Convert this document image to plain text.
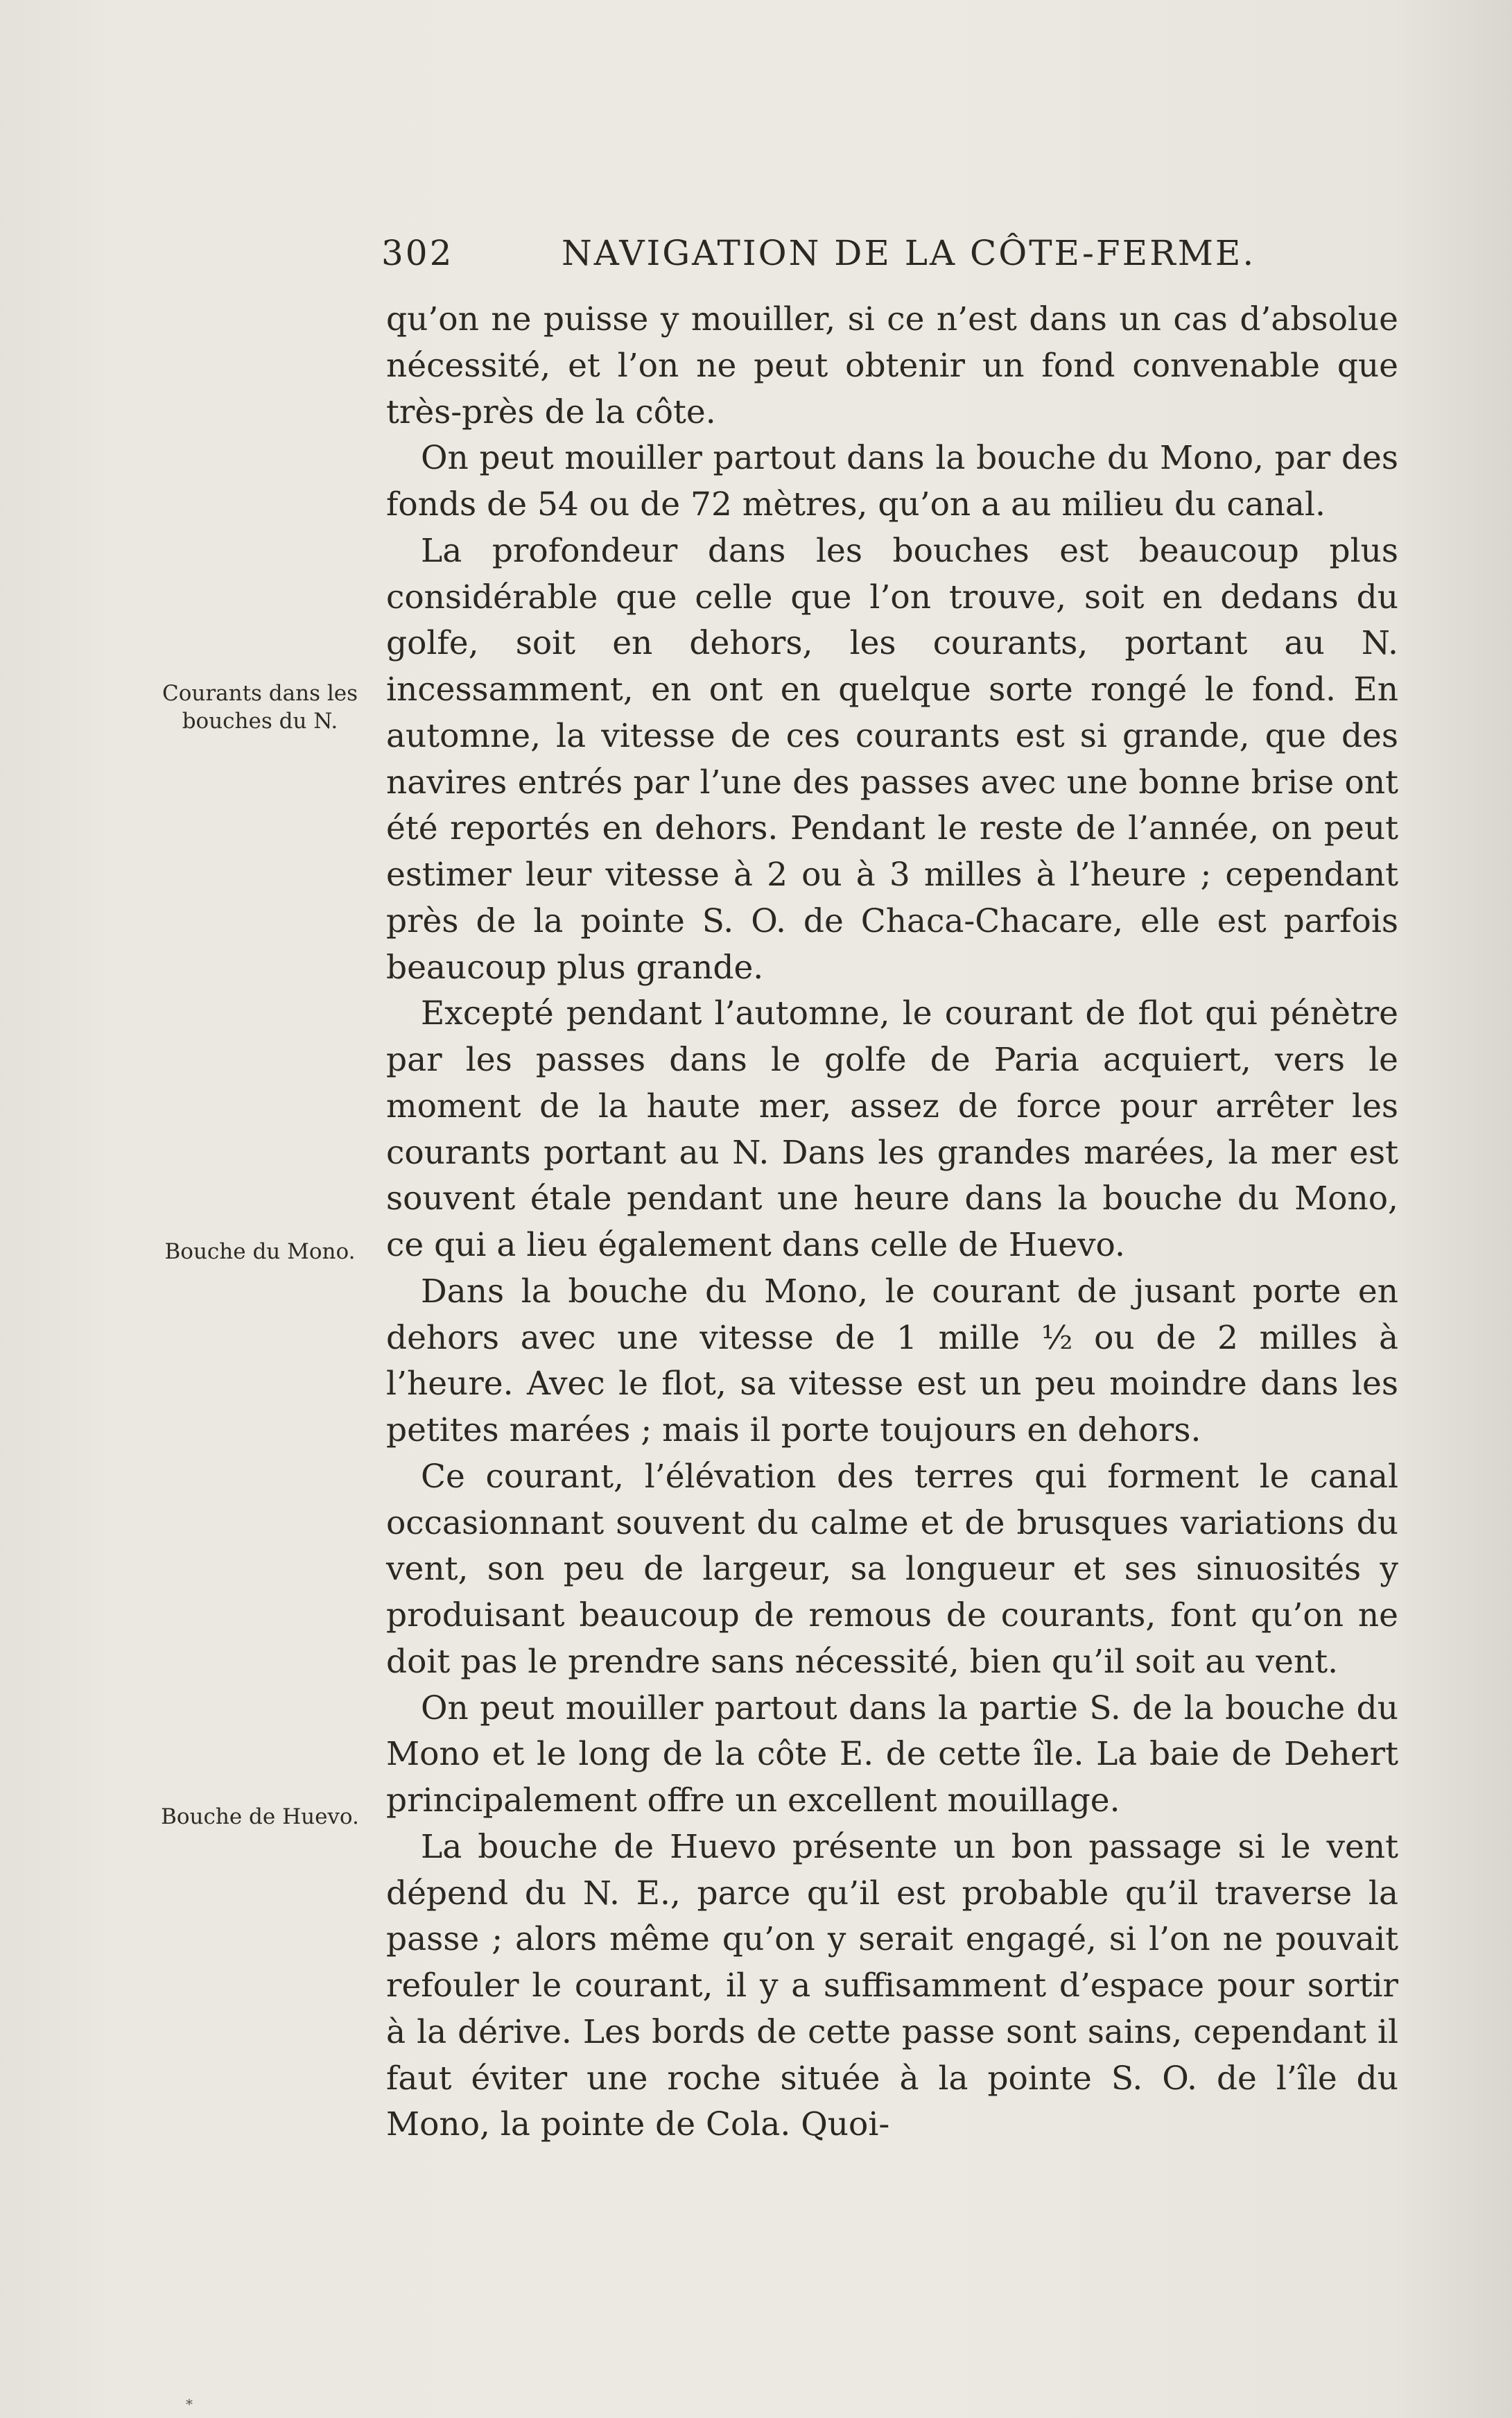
302	NAVIGATION DE LA CÔTE-FERME.
Courants dans les bouches du N.
Bouche du Mono.
Bouche de Huevo.

qu’on ne puisse y mouiller, si ce n’est dans un cas d’absolue nécessité, et l’on ne peut obtenir un fond convenable que très-près de la côte.

On peut mouiller partout dans la bouche du Mono, par des fonds de 54 ou de 72 mètres, qu’on a au milieu du canal.

La profondeur dans les bouches est beaucoup plus considérable que celle que l’on trouve, soit en dedans du golfe, soit en dehors, les courants, portant au N. incessamment, en ont en quelque sorte rongé le fond. En automne, la vitesse de ces courants est si grande, que des navires entrés par l’une des passes avec une bonne brise ont été reportés en dehors. Pendant le reste de l’année, on peut estimer leur vitesse à 2 ou à 3 milles à l’heure ; cependant près de la pointe S. O. de Chaca-Chacare, elle est parfois beaucoup plus grande.

Excepté pendant l’automne, le courant de flot qui pénètre par les passes dans le golfe de Paria acquiert, vers le moment de la haute mer, assez de force pour arrêter les courants portant au N. Dans les grandes marées, la mer est souvent étale pendant une heure dans la bouche du Mono, ce qui a lieu également dans celle de Huevo.

Dans la bouche du Mono, le courant de jusant porte en dehors avec une vitesse de 1 mille ½ ou de 2 milles à l’heure. Avec le flot, sa vitesse est un peu moindre dans les petites marées ; mais il porte toujours en dehors.

Ce courant, l’élévation des terres qui forment le canal occasionnant souvent du calme et de brusques variations du vent, son peu de largeur, sa longueur et ses sinuosités y produisant beaucoup de remous de courants, font qu’on ne doit pas le prendre sans nécessité, bien qu’il soit au vent.

On peut mouiller partout dans la partie S. de la bouche du Mono et le long de la côte E. de cette île. La baie de Dehert principalement offre un excellent mouillage.

La bouche de Huevo présente un bon passage si le vent dépend du N. E., parce qu’il est probable qu’il traverse la passe ; alors même qu’on y serait engagé, si l’on ne pouvait refouler le courant, il y a suffisamment d’espace pour sortir à la dérive. Les bords de cette passe sont sains, cependant il faut éviter une roche située à la pointe S. O. de l’île du Mono, la pointe de Cola. Quoi-

*
